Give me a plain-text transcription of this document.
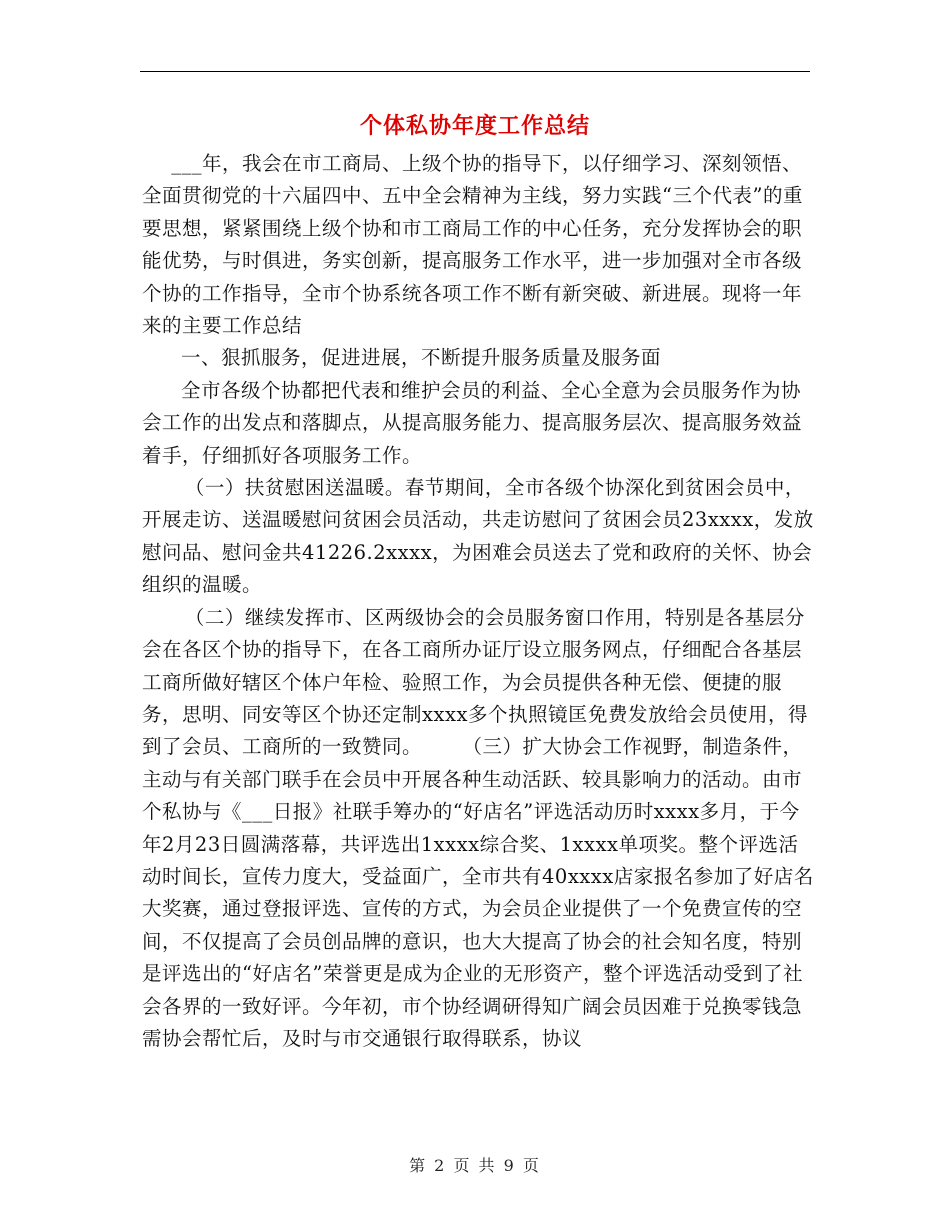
个体私协年度工作总结

___年，我会在市工商局、上级个协的指导下，以仔细学习、深刻领悟、全面贯彻党的十六届四中、五中全会精神为主线，努力实践“三个代表”的重要思想，紧紧围绕上级个协和市工商局工作的中心任务，充分发挥协会的职能优势，与时俱进，务实创新，提高服务工作水平，进一步加强对全市各级个协的工作指导，全市个协系统各项工作不断有新突破、新进展。现将一年来的主要工作总结

一、狠抓服务，促进进展，不断提升服务质量及服务面

全市各级个协都把代表和维护会员的利益、全心全意为会员服务作为协会工作的出发点和落脚点，从提高服务能力、提高服务层次、提高服务效益着手，仔细抓好各项服务工作。

（一）扶贫慰困送温暖。春节期间，全市各级个协深化到贫困会员中，开展走访、送温暖慰问贫困会员活动，共走访慰问了贫困会员23xxxx，发放慰问品、慰问金共41226.2xxxx，为困难会员送去了党和政府的关怀、协会组织的温暖。

（二）继续发挥市、区两级协会的会员服务窗口作用，特别是各基层分会在各区个协的指导下，在各工商所办证厅设立服务网点，仔细配合各基层工商所做好辖区个体户年检、验照工作，为会员提供各种无偿、便捷的服务，思明、同安等区个协还定制xxxx多个执照镜匡免费发放给会员使用，得到了会员、工商所的一致赞同。　　　（三）扩大协会工作视野，制造条件，主动与有关部门联手在会员中开展各种生动活跃、较具影响力的活动。由市个私协与《___日报》社联手筹办的“好店名”评选活动历时xxxx多月，于今年2月23日圆满落幕，共评选出1xxxx综合奖、1xxxx单项奖。整个评选活动时间长，宣传力度大，受益面广，全市共有40xxxx店家报名参加了好店名大奖赛，通过登报评选、宣传的方式，为会员企业提供了一个免费宣传的空间，不仅提高了会员创品牌的意识，也大大提高了协会的社会知名度，特别是评选出的“好店名”荣誉更是成为企业的无形资产，整个评选活动受到了社会各界的一致好评。今年初，市个协经调研得知广阔会员因难于兑换零钱急需协会帮忙后，及时与市交通银行取得联系，协议

第 2 页 共 9 页
